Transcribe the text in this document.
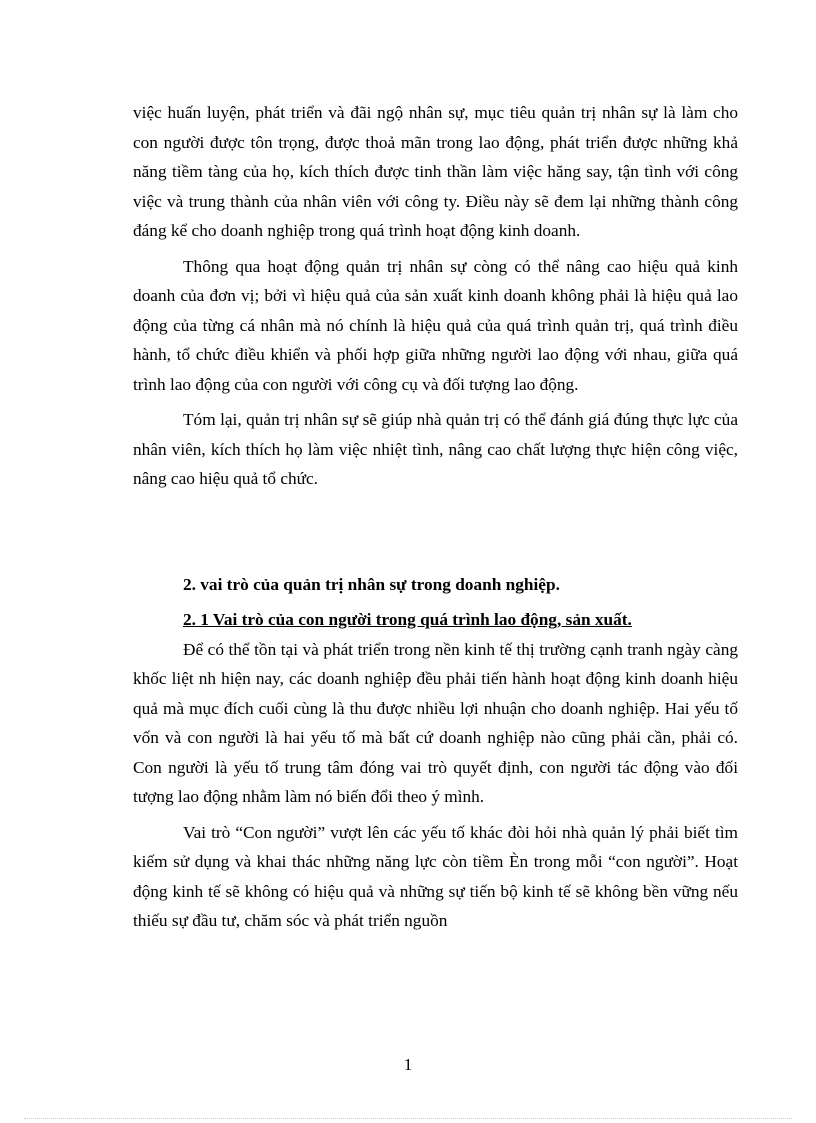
việc huấn luyện, phát triển và đãi ngộ nhân sự, mục tiêu quản trị nhân sự là làm cho con người được tôn trọng, được thoả mãn trong lao động, phát triển được những khả năng tiềm tàng của họ, kích thích được tinh thần làm việc hăng say, tận tình với công việc và trung thành của nhân viên với công ty. Điều này sẽ đem lại những thành công đáng kể cho doanh nghiệp trong quá trình hoạt động kinh doanh.

Thông qua hoạt động quản trị nhân sự còng có thể nâng cao hiệu quả kinh doanh của đơn vị; bởi vì hiệu quả của sản xuất kinh doanh không phải là hiệu quả lao động của từng cá nhân mà nó chính là hiệu quả của quá trình quản trị, quá trình điều hành, tổ chức điều khiển và phối hợp giữa những người lao động với nhau, giữa quá trình lao động của con người với công cụ và đối tượng lao động.

Tóm lại, quản trị nhân sự sẽ giúp nhà quản trị có thể đánh giá đúng thực lực của nhân viên, kích thích họ làm việc nhiệt tình, nâng cao chất lượng thực hiện công việc, nâng cao hiệu quả tổ chức.

2. vai trò của quản trị nhân sự trong doanh nghiệp.

2. 1 Vai trò của con người trong quá trình lao động, sản xuất.

Để có thể tồn tại và phát triển trong nền kinh tế thị trường cạnh tranh ngày càng khốc liệt nh hiện nay, các doanh nghiệp đều phải tiến hành hoạt động kinh doanh hiệu quả mà mục đích cuối cùng là thu được nhiều lợi nhuận cho doanh nghiệp. Hai yếu tố vốn và con người là hai yếu tố mà bất cứ doanh nghiệp nào cũng phải cần, phải có. Con người là yếu tố trung tâm đóng vai trò quyết định, con người tác động vào đối tượng lao động nhằm làm nó biến đổi theo ý mình.

Vai trò “Con người” vượt lên các yếu tố khác đòi hỏi nhà quản lý phải biết tìm kiếm sử dụng và khai thác những năng lực còn tiềm Èn trong mỗi “con người”. Hoạt động kinh tế sẽ không có hiệu quả và những sự tiến bộ kinh tế sẽ không bền vững nếu thiếu sự đầu tư, chăm sóc và phát triển nguồn

1
